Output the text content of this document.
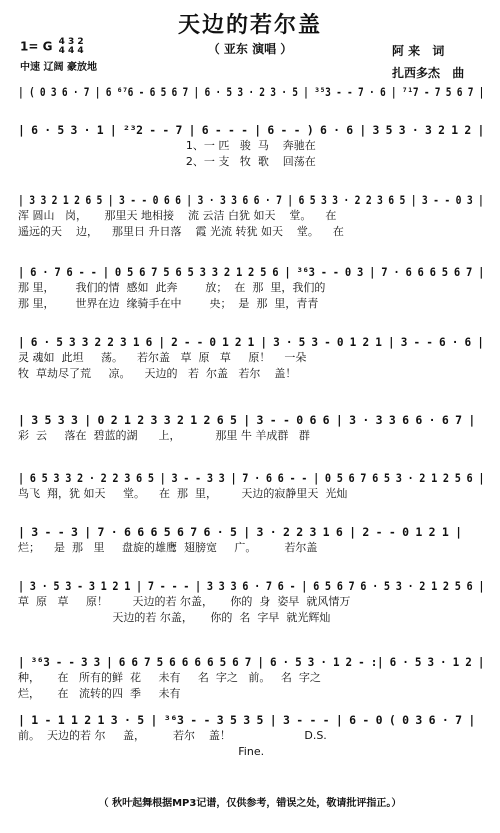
天边的若尔盖
（ 亚东 演唱 ）
1= G 4 3 2
4 4 4
中速 辽阔 豪放地
阿 来 词
扎西多杰 曲
| ( 0 3 6 · 7 | 6 ⁶⁷6 - 6 5 6 7 | 6 · 5 3 · 2 3 · 5 | ³⁵3 - - 7 · 6 | ⁷¹7 - 7 5 6 7 |
| 6 · 5 3 · 1 | ²³2 - - 7 | 6 - - - | 6 - - ) 6 · 6 | 3 5 3 · 3 2 1 2 |
1、一 匹   骏  马    奔驰在
2、一 支   牧  歌    回荡在
| 3 3 2 1 2 6 5 | 3 - - 0 6 6 | 3 · 3 3 6 6 · 7 | 6 5 3 3 · 2 2 3 6 5 | 3 - - 0 3 |
浑 圆山   岗，     那里天 地相接    流 云洁 白犹 如天    堂。    在
遥远的天    边，    那里日 升日落    霞 光流 转犹 如天    堂。    在
| 6 · 7 6 - - | 0 5 6 7 5 6 5 3 3 2 1 2 5 6 | ³⁶3 - - 0 3 | 7 · 6 6 6 5 6 7 |
那 里，      我们的情  感如  此奔        放；  在  那  里，我们的
那 里，      世界在边  缘骑手在中        央；  是  那  里，青青
| 6 · 5 3 3 2 2 3 1 6 | 2 - - 0 1 2 1 | 3 · 5 3 - 0 1 2 1 | 3 - - 6 · 6 |
灵 魂如  此坦     荡。    若尔盖   草  原   草     原！    一朵
牧  草劫尽了荒     凉。    天边的   若  尔盖   若尔    盖！
| 3 5 3 3 | 0 2 1 2 3 3 2 1 2 6 5 | 3 - - 0 6 6 | 3 · 3 3 6 6 · 6 7 |
彩  云     落在  碧蓝的湖      上，          那里 牛 羊成群   群
| 6 5 3 3 2 · 2 2 3 6 5 | 3 - - 3 3 | 7 · 6 6 - - | 0 5 6 7 6 5 3 · 2 1 2 5 6 |
鸟飞  翔，犹 如天     堂。    在  那  里，       天边的寂静里天  光灿
| 3 - - 3 | 7 · 6 6 6 5 6 7 6 · 5 | 3 · 2 2 3 1 6 | 2 - - 0 1 2 1 |
烂；    是  那   里     盘旋的雄鹰  翅膀宽     广。        若尔盖
| 3 · 5 3 - 3 1 2 1 | 7 - - - | 3 3 3 6 · 7 6 - | 6 5 6 7 6 · 5 3 · 2 1 2 5 6 |
草  原   草     原！       天边的若 尔盖，     你的  身  姿早  就风情万
天边的若 尔盖，     你的  名  字早  就光辉灿
| ³⁶3 - - 3 3 | 6 6 7 5 6 6 6 6 5 6 7 | 6 · 5 3 · 1 2 - :| 6 · 5 3 · 1 2 |
种，     在   所有的鲜  花     未有     名  字之   前。   名  字之
烂，     在   流转的四  季     未有
| 1 - 1 1 2 1 3 · 5 | ³⁶3 - - 3 5 3 5 | 3 - - - | 6 - 0 ( 0 3 6 · 7 |
前。  天边的若 尔     盖，        若尔    盖！                     D.S.
Fine.
（ 秋叶起舞根据MP3记谱，仅供参考，错误之处，敬请批评指正。）
